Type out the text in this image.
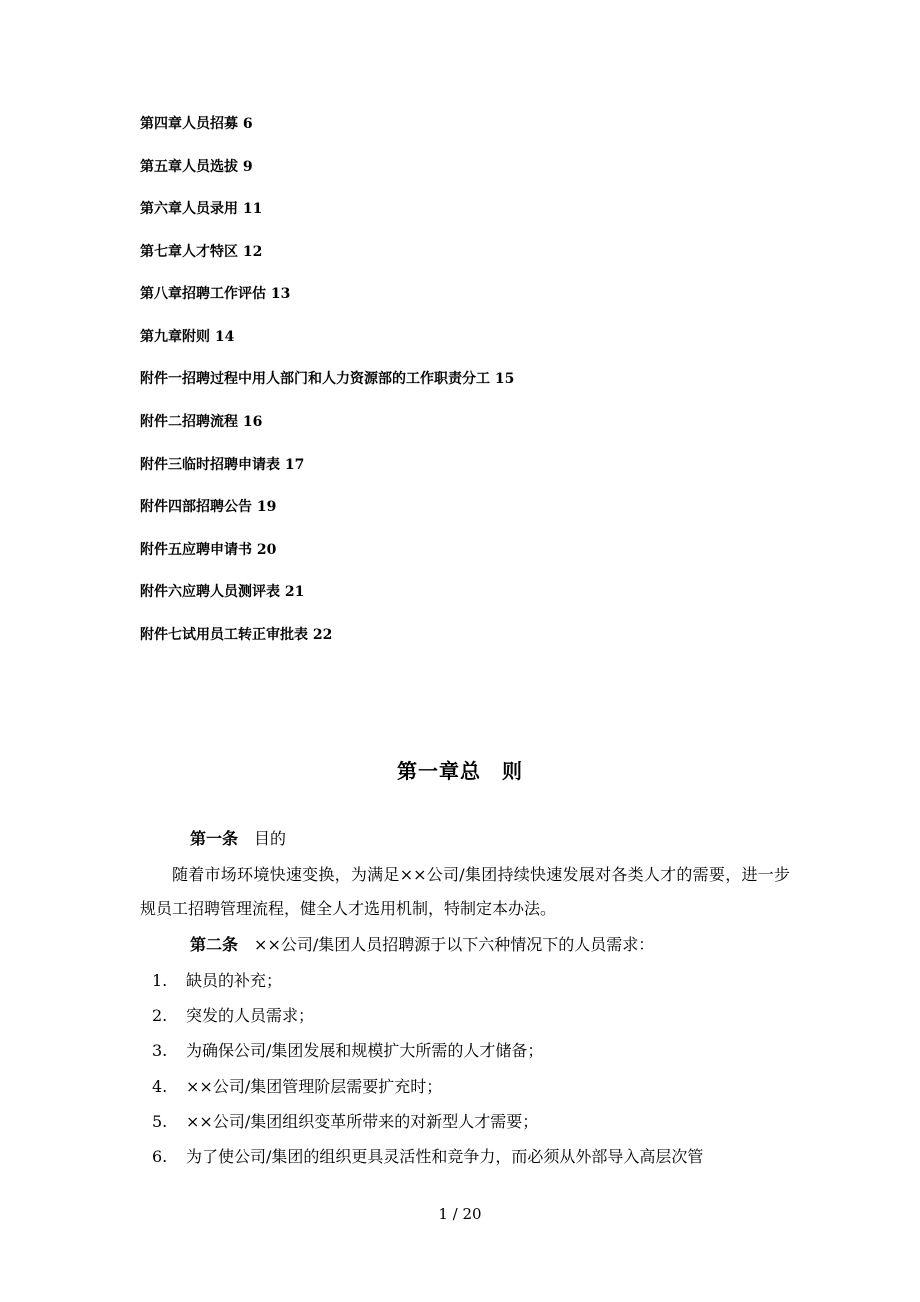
第四章人员招募 6
第五章人员选拔 9
第六章人员录用 11
第七章人才特区 12
第八章招聘工作评估 13
第九章附则 14
附件一招聘过程中用人部门和人力资源部的工作职责分工 15
附件二招聘流程 16
附件三临时招聘申请表 17
附件四部招聘公告 19
附件五应聘申请书 20
附件六应聘人员测评表 21
附件七试用员工转正审批表 22
第一章总　则
第一条　 目的
随着市场环境快速变换，为满足××公司/集团持续快速发展对各类人才的需要，进一步规员工招聘管理流程，健全人才选用机制，特制定本办法。
第二条　 ××公司/集团人员招聘源于以下六种情况下的人员需求：
1. 缺员的补充；
2. 突发的人员需求；
3. 为确保公司/集团发展和规模扩大所需的人才储备；
4. ××公司/集团管理阶层需要扩充时；
5. ××公司/集团组织变革所带来的对新型人才需要；
6. 为了使公司/集团的组织更具灵活性和竞争力，而必须从外部导入高层次管
1 / 20
